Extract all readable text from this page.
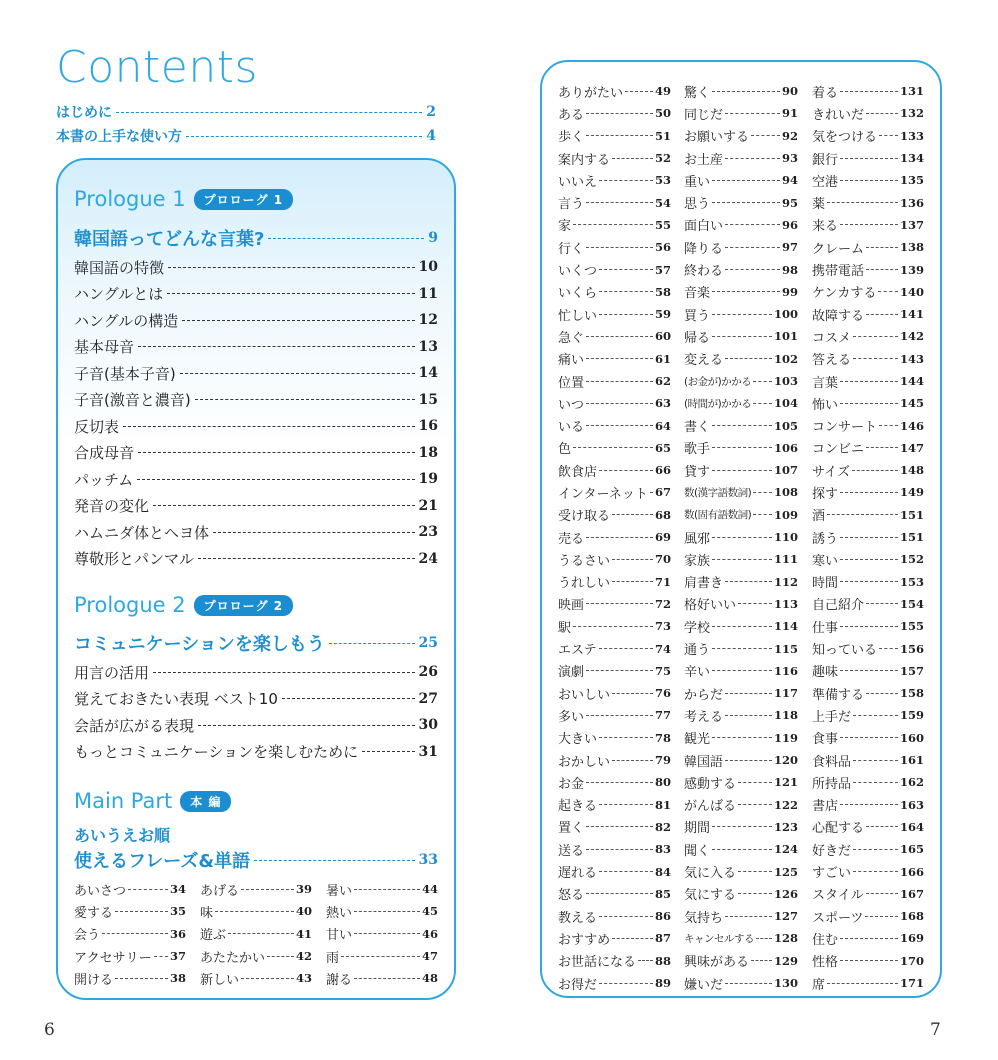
Contents
はじめに	2
本書の上手な使い方	4
Prologue 1	プロローグ 1
韓国語ってどんな言葉?	9
韓国語の特徴	10
ハングルとは	11
ハングルの構造	12
基本母音	13
子音(基本子音)	14
子音(激音と濃音)	15
反切表	16
合成母音	18
パッチム	19
発音の変化	21
ハムニダ体とヘヨ体	23
尊敬形とパンマル	24
Prologue 2	プロローグ 2
コミュニケーションを楽しもう	25
用言の活用	26
覚えておきたい表現 ベスト10	27
会話が広がる表現	30
もっとコミュニケーションを楽しむために	31
Main Part	本 編
あいうえお順
使えるフレーズ&単語	33
あいさつ	34
愛する	35
会う	36
アクセサリー 37
開ける	38
あげる	39
味	40
遊ぶ	41
あたたかい	42
新しい	43
暑い	44
熱い	45
甘い	46
雨	47
謝る	48
ありがたい	49
ある	50
歩く	51
案内する	52
いいえ	53
言う	54
家	55
行く	56
いくつ	57
いくら	58
忙しい	59
急ぐ	60
痛い	61
位置	62
いつ	63
いる	64
色	65
飲食店	66
インターネット 67
受け取る	68
売る	69
うるさい	70
うれしい	71
映画	72
駅	73
エステ	74
演劇	75
おいしい	76
多い	77
大きい	78
おかしい	79
お金	80
起きる	81
置く	82
送る	83
遅れる	84
怒る	85
教える	86
おすすめ	87
お世話になる 88
お得だ	89
驚く	90
同じだ	91
お願いする	92
お土産	93
重い	94
思う	95
面白い	96
降りる	97
終わる	98
音楽	99
買う	100
帰る	101
変える	102
(お金が)かかる 103
(時間が)かかる 104
書く	105
歌手	106
貸す	107
数(漢字語数詞) 108
数(固有語数詞) 109
風邪	110
家族	111
肩書き	112
格好いい	113
学校	114
通う	115
辛い	116
からだ	117
考える	118
観光	119
韓国語	120
感動する	121
がんばる	122
期間	123
聞く	124
気に入る	125
気にする	126
気持ち	127
キャンセルする 128
興味がある 129
嫌いだ	130
着る	131
きれいだ	132
気をつける 133
銀行	134
空港	135
薬	136
来る	137
クレーム	138
携帯電話	139
ケンカする 140
故障する	141
コスメ	142
答える	143
言葉	144
怖い	145
コンサート 146
コンビニ	147
サイズ	148
探す	149
酒	151
誘う	151
寒い	152
時間	153
自己紹介	154
仕事	155
知っている 156
趣味	157
準備する	158
上手だ	159
食事	160
食料品	161
所持品	162
書店	163
心配する	164
好きだ	165
すごい	166
スタイル	167
スポーツ	168
住む	169
性格	170
席	171
6	7
